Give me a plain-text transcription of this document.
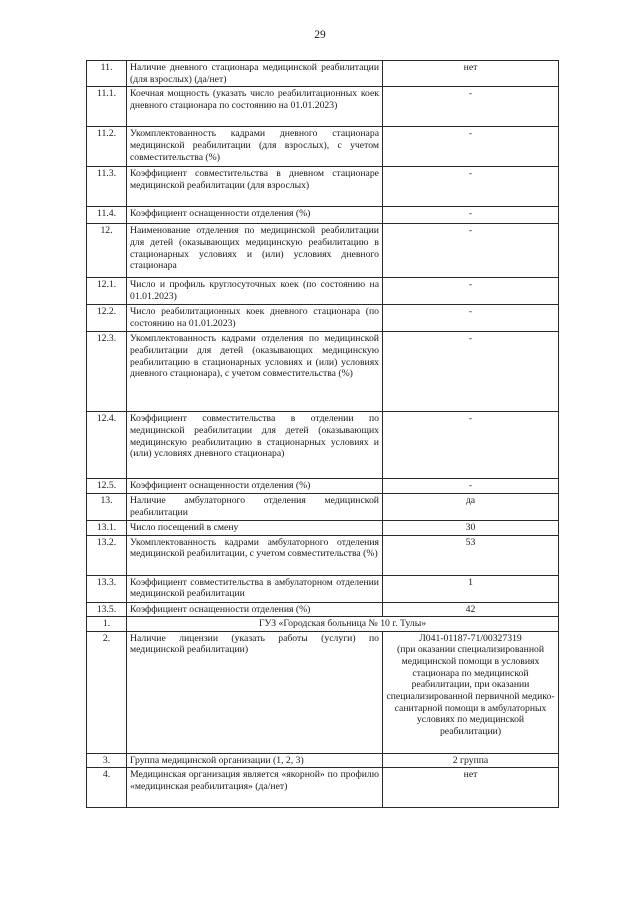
29
11.	Наличие дневного стационара медицинской реабилитации (для взрослых) (да/нет)	нет
11.1.	Коечная мощность (указать число реабилитационных коек дневного стационара по состоянию на 01.01.2023)	-
11.2.	Укомплектованность кадрами дневного стационара медицинской реабилитации (для взрослых), с учетом совместительства (%)	-
11.3.	Коэффициент совместительства в дневном стационаре медицинской реабилитации (для взрослых)	-
11.4.	Коэффициент оснащенности отделения (%)	-
12.	Наименование отделения по медицинской реабилитации для детей (оказывающих медицинскую реабилитацию в стационарных условиях и (или) условиях дневного стационара	-
12.1.	Число и профиль круглосуточных коек (по состоянию на 01.01.2023)	-
12.2.	Число реабилитационных коек дневного стационара (по состоянию на 01.01.2023)	-
12.3.	Укомплектованность кадрами отделения по медицинской реабилитации для детей (оказывающих медицинскую реабилитацию в стационарных условиях и (или) условиях дневного стационара), с учетом совместительства (%)	-
12.4.	Коэффициент совместительства в отделении по медицинской реабилитации для детей (оказывающих медицинскую реабилитацию в стационарных условиях и (или) условиях дневного стационара)	-
12.5.	Коэффициент оснащенности отделения (%)	-
13.	Наличие амбулаторного отделения медицинской реабилитации	да
13.1.	Число посещений в смену	30
13.2.	Укомплектованность кадрами амбулаторного отделения медицинской реабилитации, с учетом совместительства (%)	53
13.3.	Коэффициент совместительства в амбулаторном отделении медицинской реабилитации	1
13.5.	Коэффициент оснащенности отделения (%)	42
1.	ГУЗ «Городская больница № 10 г. Тулы»	
2.	Наличие лицензии (указать работы (услуги) по медицинской реабилитации)	Л041-01187-71/00327319
(при оказании специализированной медицинской помощи в условиях стационара по медицинской реабилитации, при оказании специализированной первичной медико-санитарной помощи в амбулаторных условиях по медицинской реабилитации)

3.	Группа медицинской организации (1, 2, 3)	2 группа
4.	Медицинская организация является «якорной» по профилю «медицинская реабилитация» (да/нет)	нет
